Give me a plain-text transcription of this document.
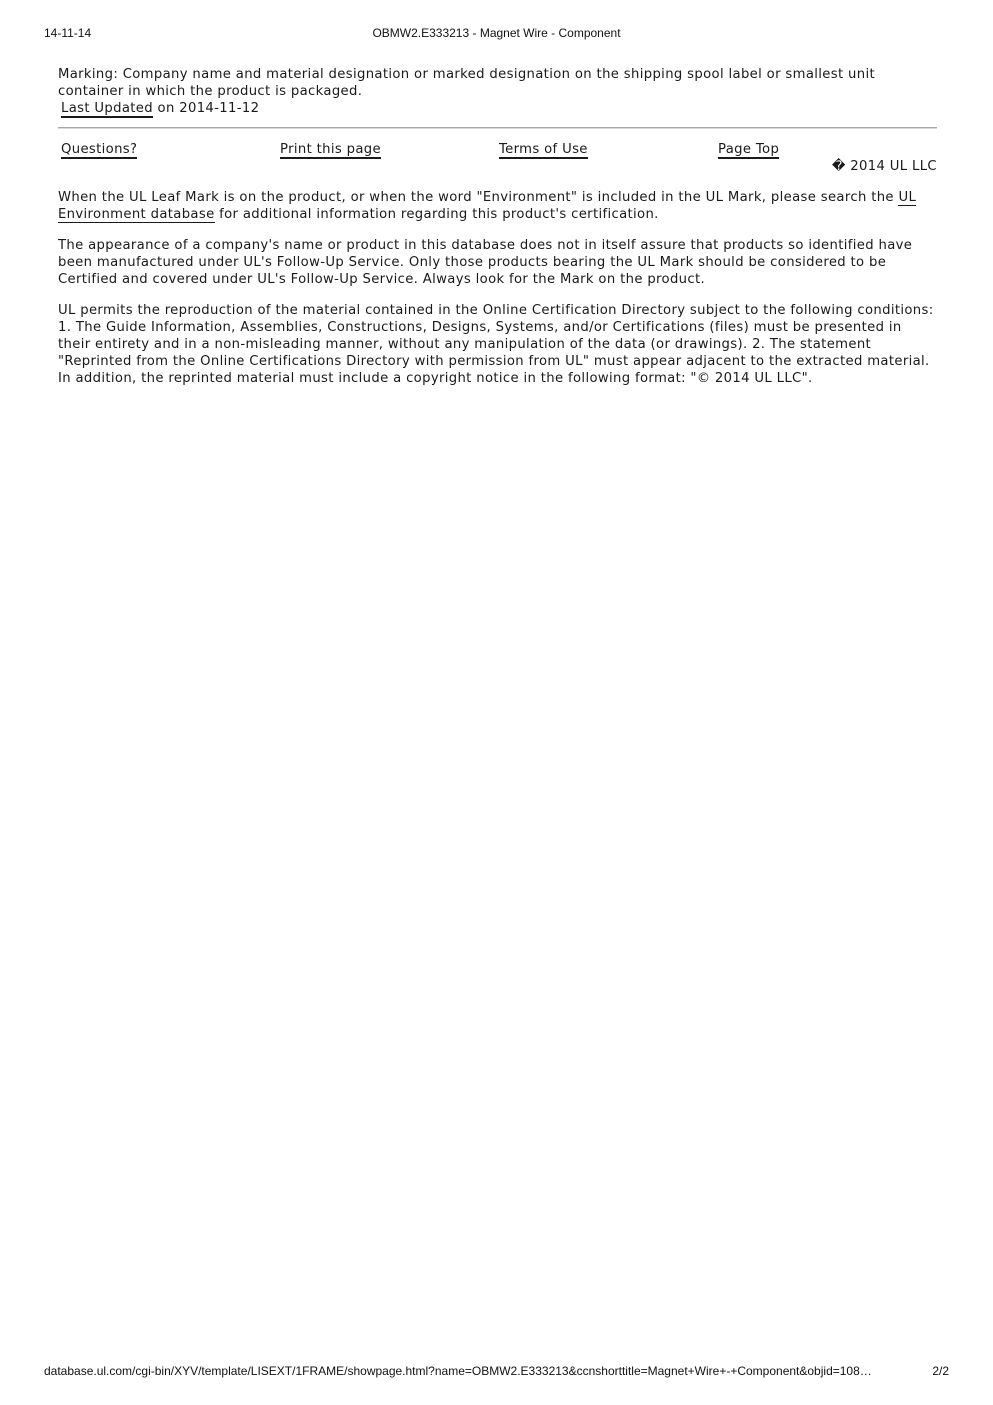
14-11-14	OBMW2.E333213 - Magnet Wire - Component

Marking: Company name and material designation or marked designation on the shipping spool label or smallest unit container in which the product is packaged.

Last Updated on 2014-11-12

Questions?	Print this page	Terms of Use	Page Top

� 2014 UL LLC

When the UL Leaf Mark is on the product, or when the word "Environment" is included in the UL Mark, please search the UL Environment database for additional information regarding this product's certification.

The appearance of a company's name or product in this database does not in itself assure that products so identified have been manufactured under UL's Follow-Up Service. Only those products bearing the UL Mark should be considered to be Certified and covered under UL's Follow-Up Service. Always look for the Mark on the product.

UL permits the reproduction of the material contained in the Online Certification Directory subject to the following conditions: 1. The Guide Information, Assemblies, Constructions, Designs, Systems, and/or Certifications (files) must be presented in their entirety and in a non-misleading manner, without any manipulation of the data (or drawings). 2. The statement "Reprinted from the Online Certifications Directory with permission from UL" must appear adjacent to the extracted material. In addition, the reprinted material must include a copyright notice in the following format: "© 2014 UL LLC".

database.ul.com/cgi-bin/XYV/template/LISEXT/1FRAME/showpage.html?name=OBMW2.E333213&ccnshorttitle=Magnet+Wire+-+Component&objid=108…	2/2
